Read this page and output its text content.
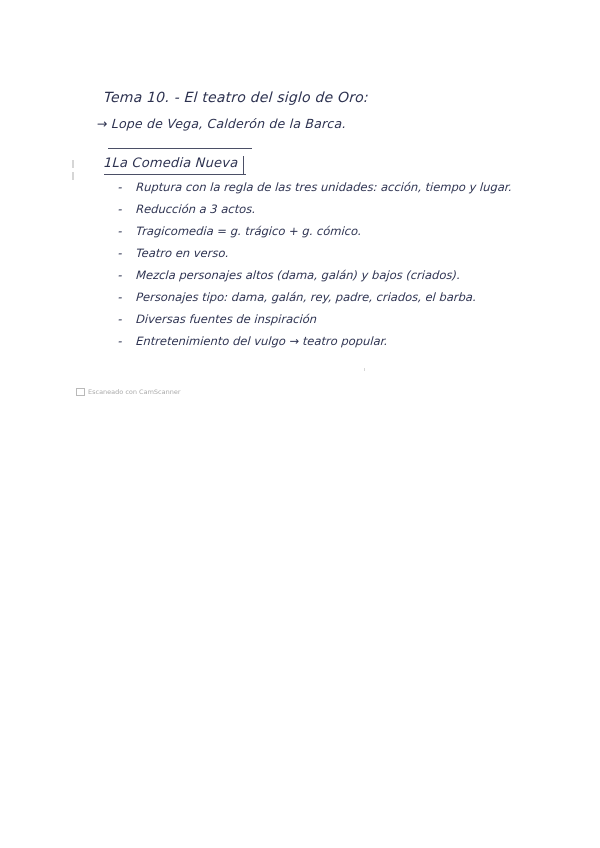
Tema 10. - El teatro del siglo de Oro:
→ Lope de Vega, Calderón de la Barca.
1La Comedia Nueva
- Ruptura con la regla de las tres unidades: acción, tiempo y lugar.
- Reducción a 3 actos.
- Tragicomedia = g. trágico + g. cómico.
- Teatro en verso.
- Mezcla personajes altos (dama, galán) y bajos (criados).
- Personajes tipo: dama, galán, rey, padre, criados, el barba.
- Diversas fuentes de inspiración
- Entretenimiento del vulgo → teatro popular.
Escaneado con CamScanner
